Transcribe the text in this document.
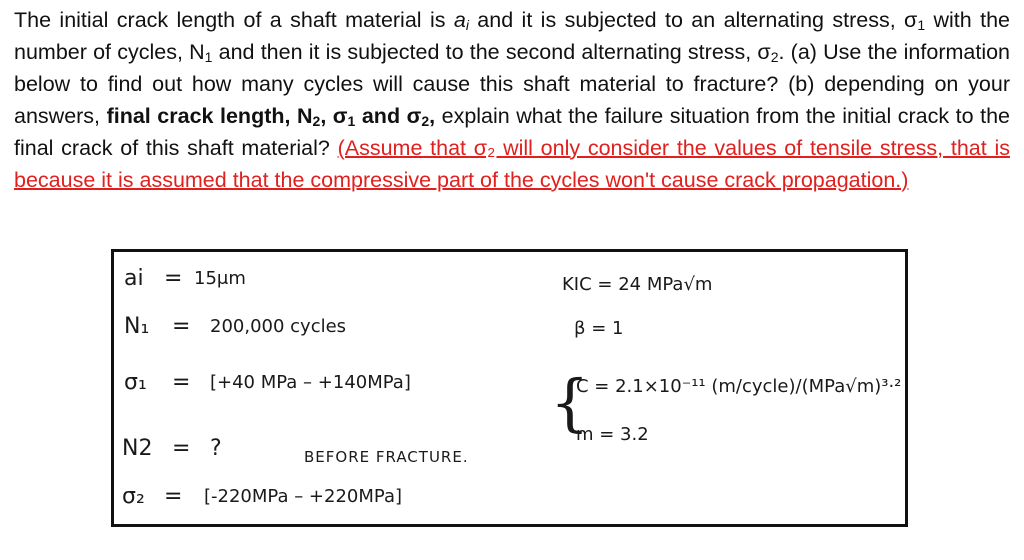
The initial crack length of a shaft material is $a_i$ and it is subjected to an alternating stress, $\sigma_1$ with the number of cycles, $N_1$ and then it is subjected to the second alternating stress, $\sigma_2$. (a) Use the information below to find out how many cycles will cause this shaft material to fracture? (b) depending on your answers, final crack length, $N_2$, $\sigma_1$ and $\sigma_2$, explain what the failure situation from the initial crack to the final crack of this shaft material? (Assume that σ₂ will only consider the values of tensile stress, that is because it is assumed that the compressive part of the cycles won't cause crack propagation.)
ai = 15μm
N₁ = 200,000 cycles
σ₁ = [+40 MPa – +140MPa]
N2 = ?	BEFORE FRACTURE.
σ₂ = [-220MPa – +220MPa]
KIC = 24 MPa√m
β = 1
{
C = 2.1×10⁻¹¹ (m/cycle)/(MPa√m)³·²
m = 3.2
